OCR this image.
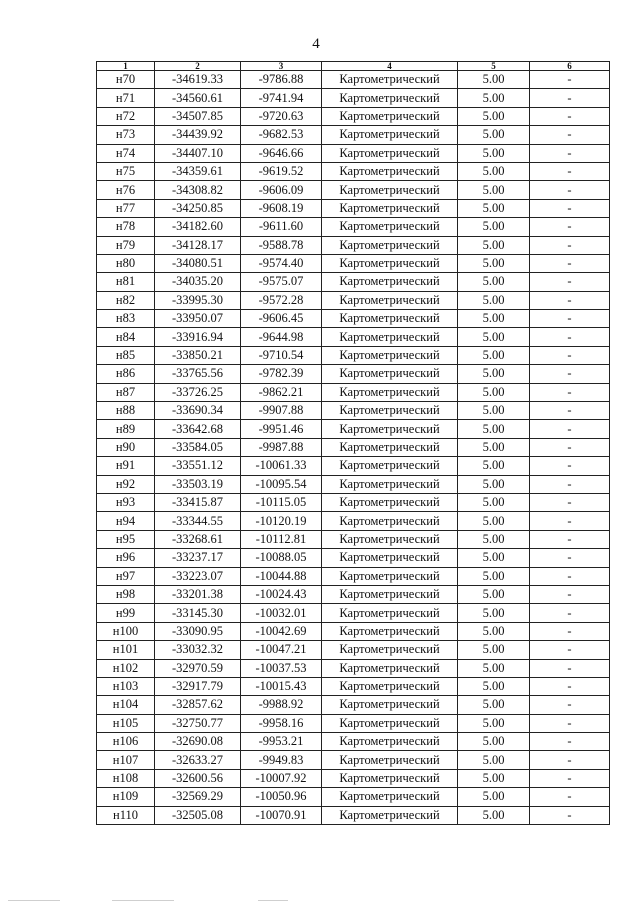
4
1	2	3	4	5	6
н70	-34619.33	-9786.88	Картометрический	5.00	-
н71	-34560.61	-9741.94	Картометрический	5.00	-
н72	-34507.85	-9720.63	Картометрический	5.00	-
н73	-34439.92	-9682.53	Картометрический	5.00	-
н74	-34407.10	-9646.66	Картометрический	5.00	-
н75	-34359.61	-9619.52	Картометрический	5.00	-
н76	-34308.82	-9606.09	Картометрический	5.00	-
н77	-34250.85	-9608.19	Картометрический	5.00	-
н78	-34182.60	-9611.60	Картометрический	5.00	-
н79	-34128.17	-9588.78	Картометрический	5.00	-
н80	-34080.51	-9574.40	Картометрический	5.00	-
н81	-34035.20	-9575.07	Картометрический	5.00	-
н82	-33995.30	-9572.28	Картометрический	5.00	-
н83	-33950.07	-9606.45	Картометрический	5.00	-
н84	-33916.94	-9644.98	Картометрический	5.00	-
н85	-33850.21	-9710.54	Картометрический	5.00	-
н86	-33765.56	-9782.39	Картометрический	5.00	-
н87	-33726.25	-9862.21	Картометрический	5.00	-
н88	-33690.34	-9907.88	Картометрический	5.00	-
н89	-33642.68	-9951.46	Картометрический	5.00	-
н90	-33584.05	-9987.88	Картометрический	5.00	-
н91	-33551.12	-10061.33	Картометрический	5.00	-
н92	-33503.19	-10095.54	Картометрический	5.00	-
н93	-33415.87	-10115.05	Картометрический	5.00	-
н94	-33344.55	-10120.19	Картометрический	5.00	-
н95	-33268.61	-10112.81	Картометрический	5.00	-
н96	-33237.17	-10088.05	Картометрический	5.00	-
н97	-33223.07	-10044.88	Картометрический	5.00	-
н98	-33201.38	-10024.43	Картометрический	5.00	-
н99	-33145.30	-10032.01	Картометрический	5.00	-
н100	-33090.95	-10042.69	Картометрический	5.00	-
н101	-33032.32	-10047.21	Картометрический	5.00	-
н102	-32970.59	-10037.53	Картометрический	5.00	-
н103	-32917.79	-10015.43	Картометрический	5.00	-
н104	-32857.62	-9988.92	Картометрический	5.00	-
н105	-32750.77	-9958.16	Картометрический	5.00	-
н106	-32690.08	-9953.21	Картометрический	5.00	-
н107	-32633.27	-9949.83	Картометрический	5.00	-
н108	-32600.56	-10007.92	Картометрический	5.00	-
н109	-32569.29	-10050.96	Картометрический	5.00	-
н110	-32505.08	-10070.91	Картометрический	5.00	-
